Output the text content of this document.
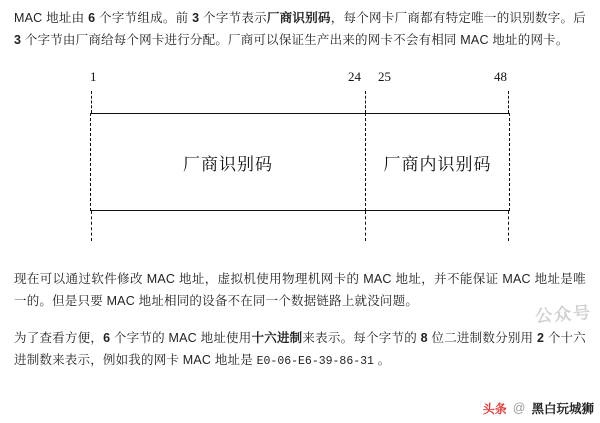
MAC 地址由 6 个字节组成。前 3 个字节表示厂商识别码，每个网卡厂商都有特定唯一的识别数字。后 3 个字节由厂商给每个网卡进行分配。厂商可以保证生产出来的网卡不会有相同 MAC 地址的网卡。

1	24 25	48
厂商识别码	厂商内识别码

现在可以通过软件修改 MAC 地址，虚拟机使用物理机网卡的 MAC 地址，并不能保证 MAC 地址是唯一的。但是只要 MAC 地址相同的设备不在同一个数据链路上就没问题。

为了查看方便，6 个字节的 MAC 地址使用十六进制来表示。每个字节的 8 位二进制数分别用 2 个十六进制数来表示，例如我的网卡 MAC 地址是 E0-06-E6-39-86-31 。

公众号
头条 @ 黑白玩城狮
